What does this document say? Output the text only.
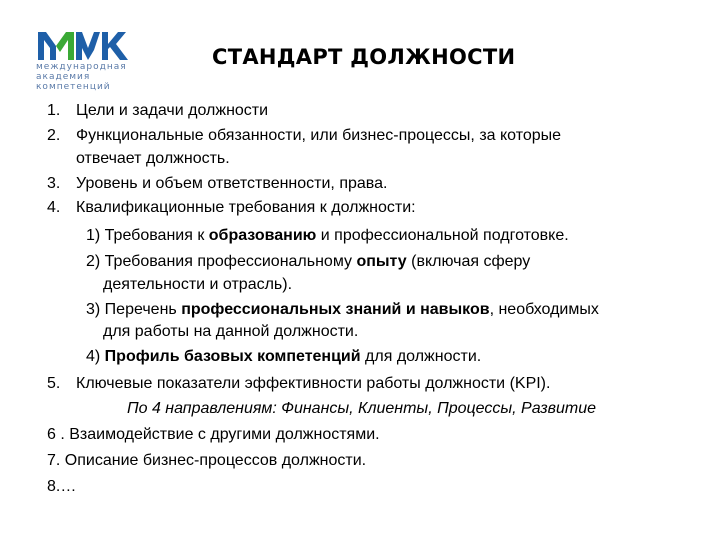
международная
академия
компетенций
СТАНДАРТ ДОЛЖНОСТИ
1. Цели и задачи должности
2. Функциональные обязанности, или бизнес-процессы, за которые
отвечает должность.
3. Уровень и объем ответственности, права.
4. Квалификационные требования к должности:
1) Требования к образованию и профессиональной подготовке.
2) Требования профессиональному опыту (включая сферу
деятельности и отрасль).
3) Перечень профессиональных знаний и навыков, необходимых
для работы на данной должности.
4) Профиль базовых компетенций для должности.
5. Ключевые показатели эффективности работы должности (KPI).
По 4 направлениям: Финансы, Клиенты, Процессы, Развитие
6 . Взаимодействие с другими должностями.
7. Описание бизнес-процессов должности.
8.…
